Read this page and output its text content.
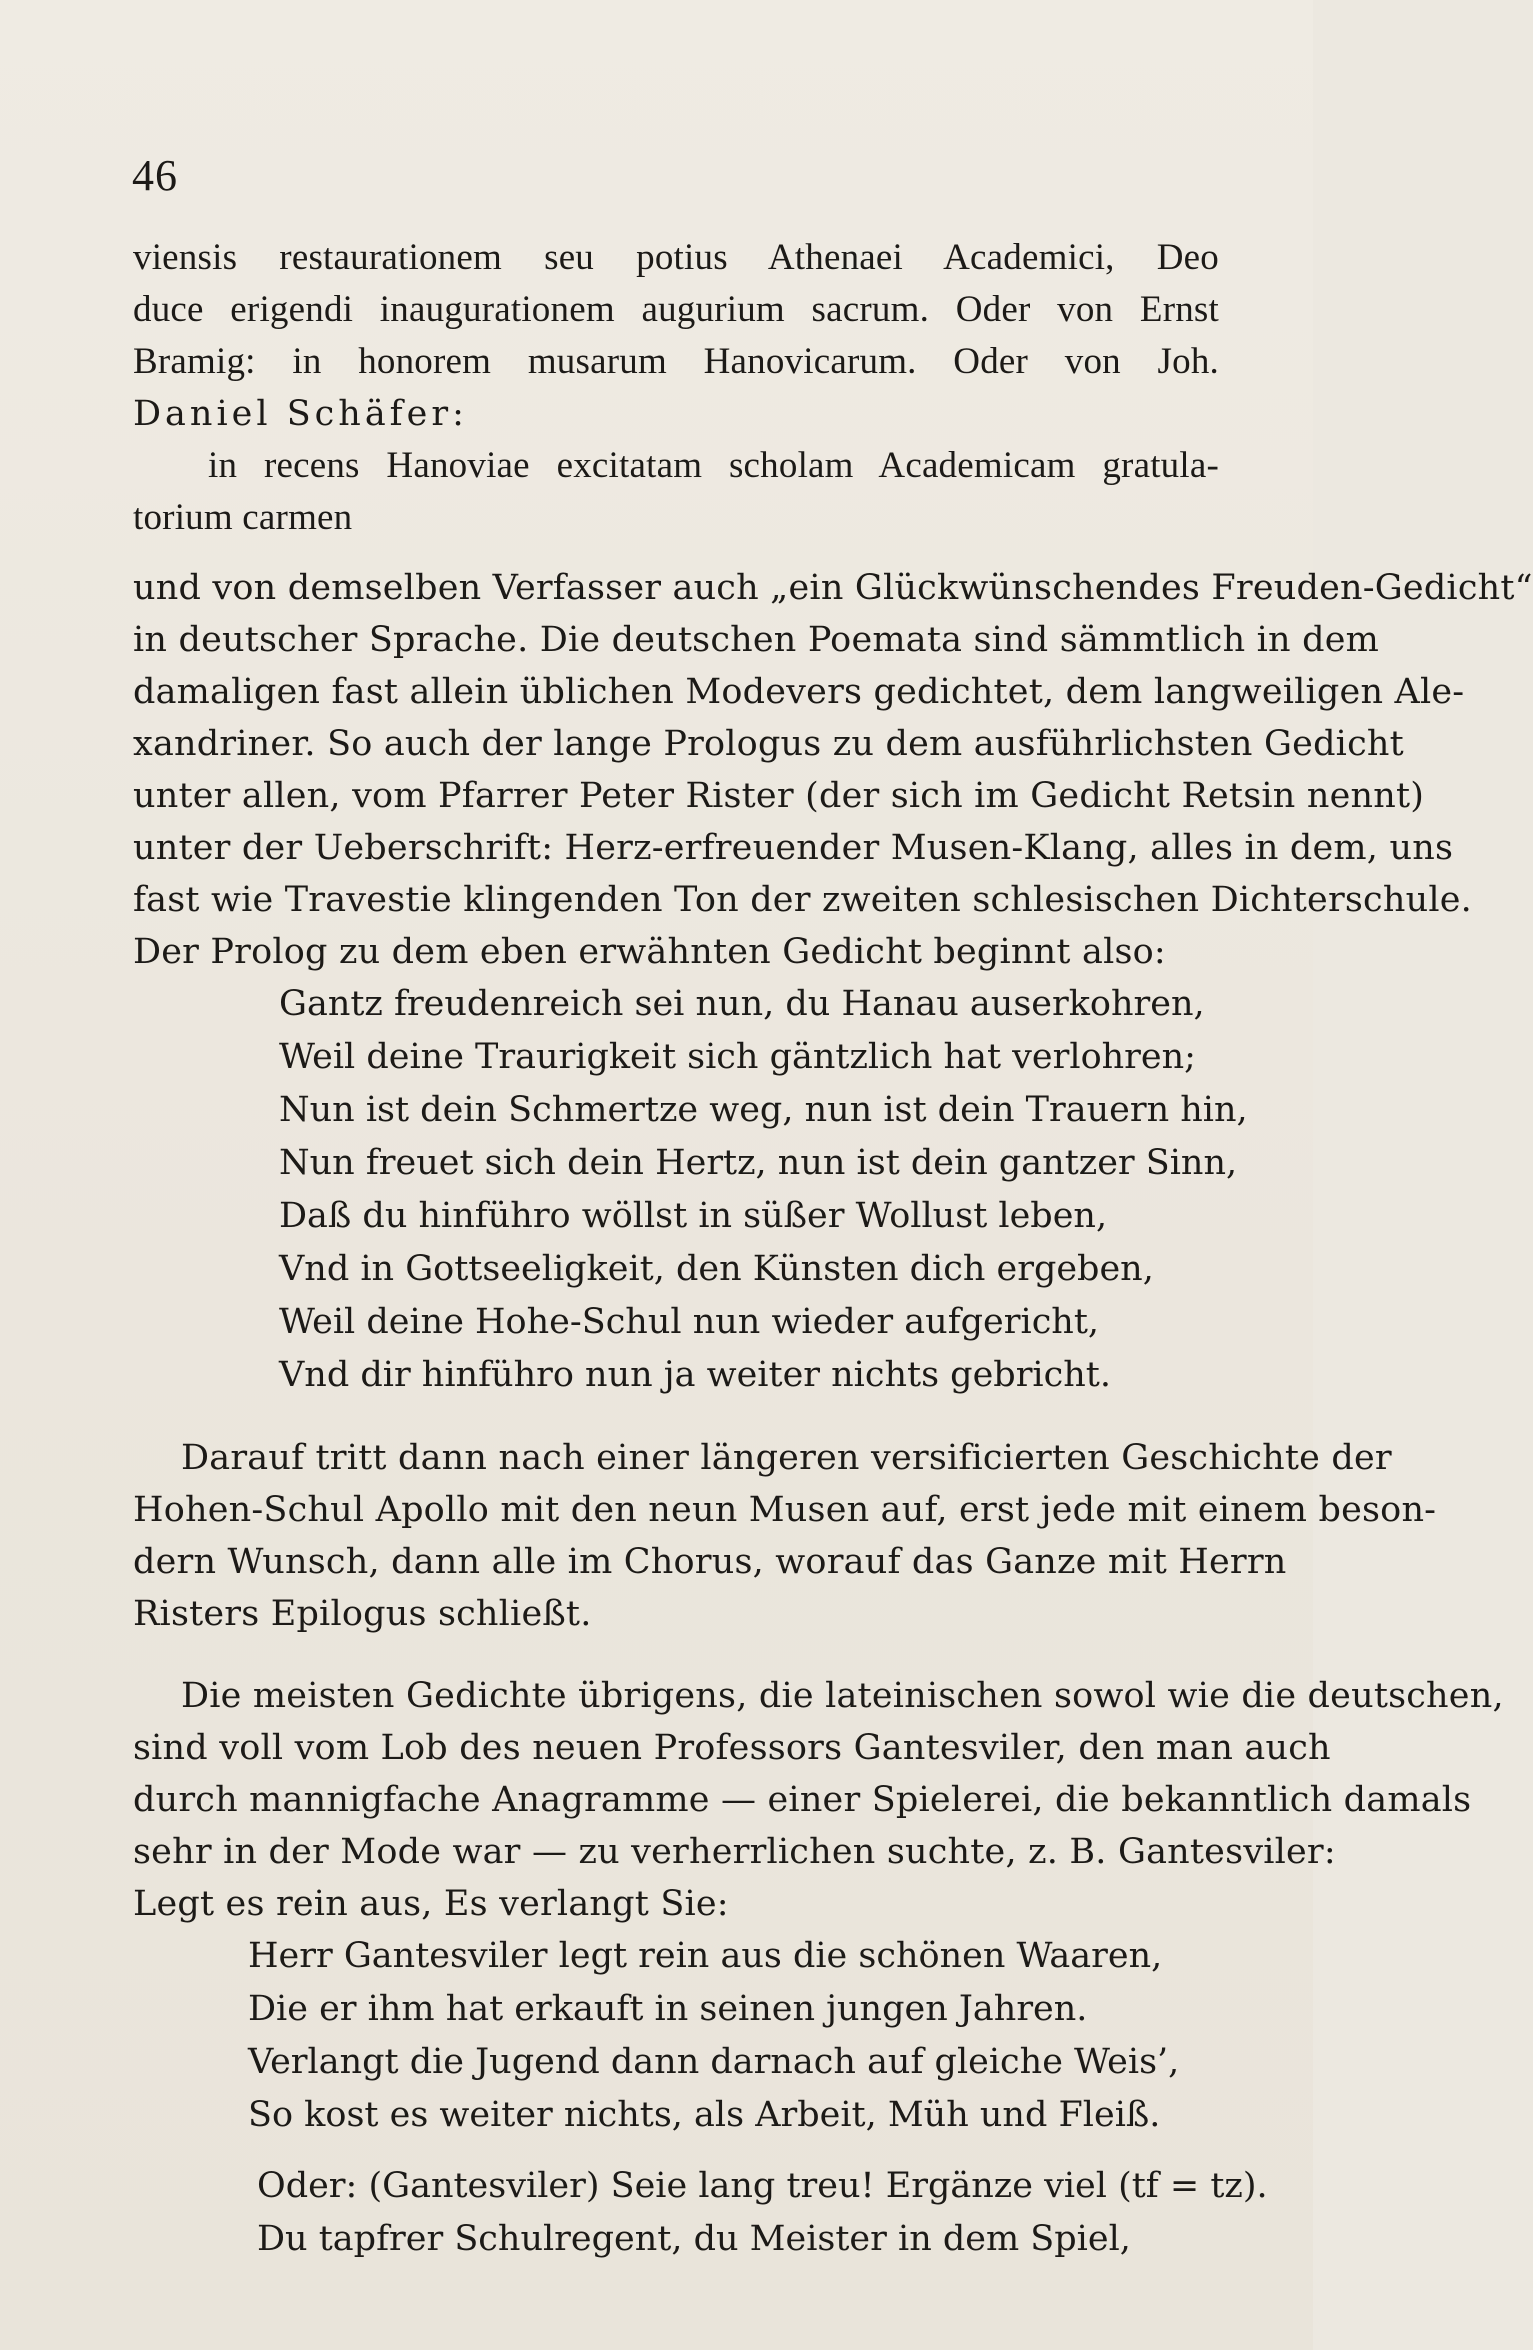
46
viensis restaurationem seu potius Athenaei Academici, Deo
duce erigendi inaugurationem augurium sacrum. Oder von Ernst
Bramig: in honorem musarum Hanovicarum. Oder von Joh.
Daniel Schäfer:
in recens Hanoviae excitatam scholam Academicam gratula-
torium carmen
und von demselben Verfasser auch „ein Glückwünschendes Freuden-Gedicht“
in deutscher Sprache. Die deutschen Poemata sind sämmtlich in dem
damaligen fast allein üblichen Modevers gedichtet, dem langweiligen Ale-
xandriner. So auch der lange Prologus zu dem ausführlichsten Gedicht
unter allen, vom Pfarrer Peter Rister (der sich im Gedicht Retsin nennt)
unter der Ueberschrift: Herz-erfreuender Musen-Klang, alles in dem, uns
fast wie Travestie klingenden Ton der zweiten schlesischen Dichterschule.
Der Prolog zu dem eben erwähnten Gedicht beginnt also:
Gantz freudenreich sei nun, du Hanau auserkohren,
Weil deine Traurigkeit sich gäntzlich hat verlohren;
Nun ist dein Schmertze weg, nun ist dein Trauern hin,
Nun freuet sich dein Hertz, nun ist dein gantzer Sinn,
Daß du hinführo wöllst in süßer Wollust leben,
Vnd in Gottseeligkeit, den Künsten dich ergeben,
Weil deine Hohe-Schul nun wieder aufgericht,
Vnd dir hinführo nun ja weiter nichts gebricht.
Darauf tritt dann nach einer längeren versificierten Geschichte der
Hohen-Schul Apollo mit den neun Musen auf, erst jede mit einem beson-
dern Wunsch, dann alle im Chorus, worauf das Ganze mit Herrn
Risters Epilogus schließt.
Die meisten Gedichte übrigens, die lateinischen sowol wie die deutschen,
sind voll vom Lob des neuen Professors Gantesviler, den man auch
durch mannigfache Anagramme — einer Spielerei, die bekanntlich damals
sehr in der Mode war — zu verherrlichen suchte, z. B. Gantesviler:
Legt es rein aus, Es verlangt Sie:
Herr Gantesviler legt rein aus die schönen Waaren,
Die er ihm hat erkauft in seinen jungen Jahren.
Verlangt die Jugend dann darnach auf gleiche Weis’,
So kost es weiter nichts, als Arbeit, Müh und Fleiß.
Oder: (Gantesviler) Seie lang treu! Ergänze viel (tf = tz).
Du tapfrer Schulregent, du Meister in dem Spiel,
